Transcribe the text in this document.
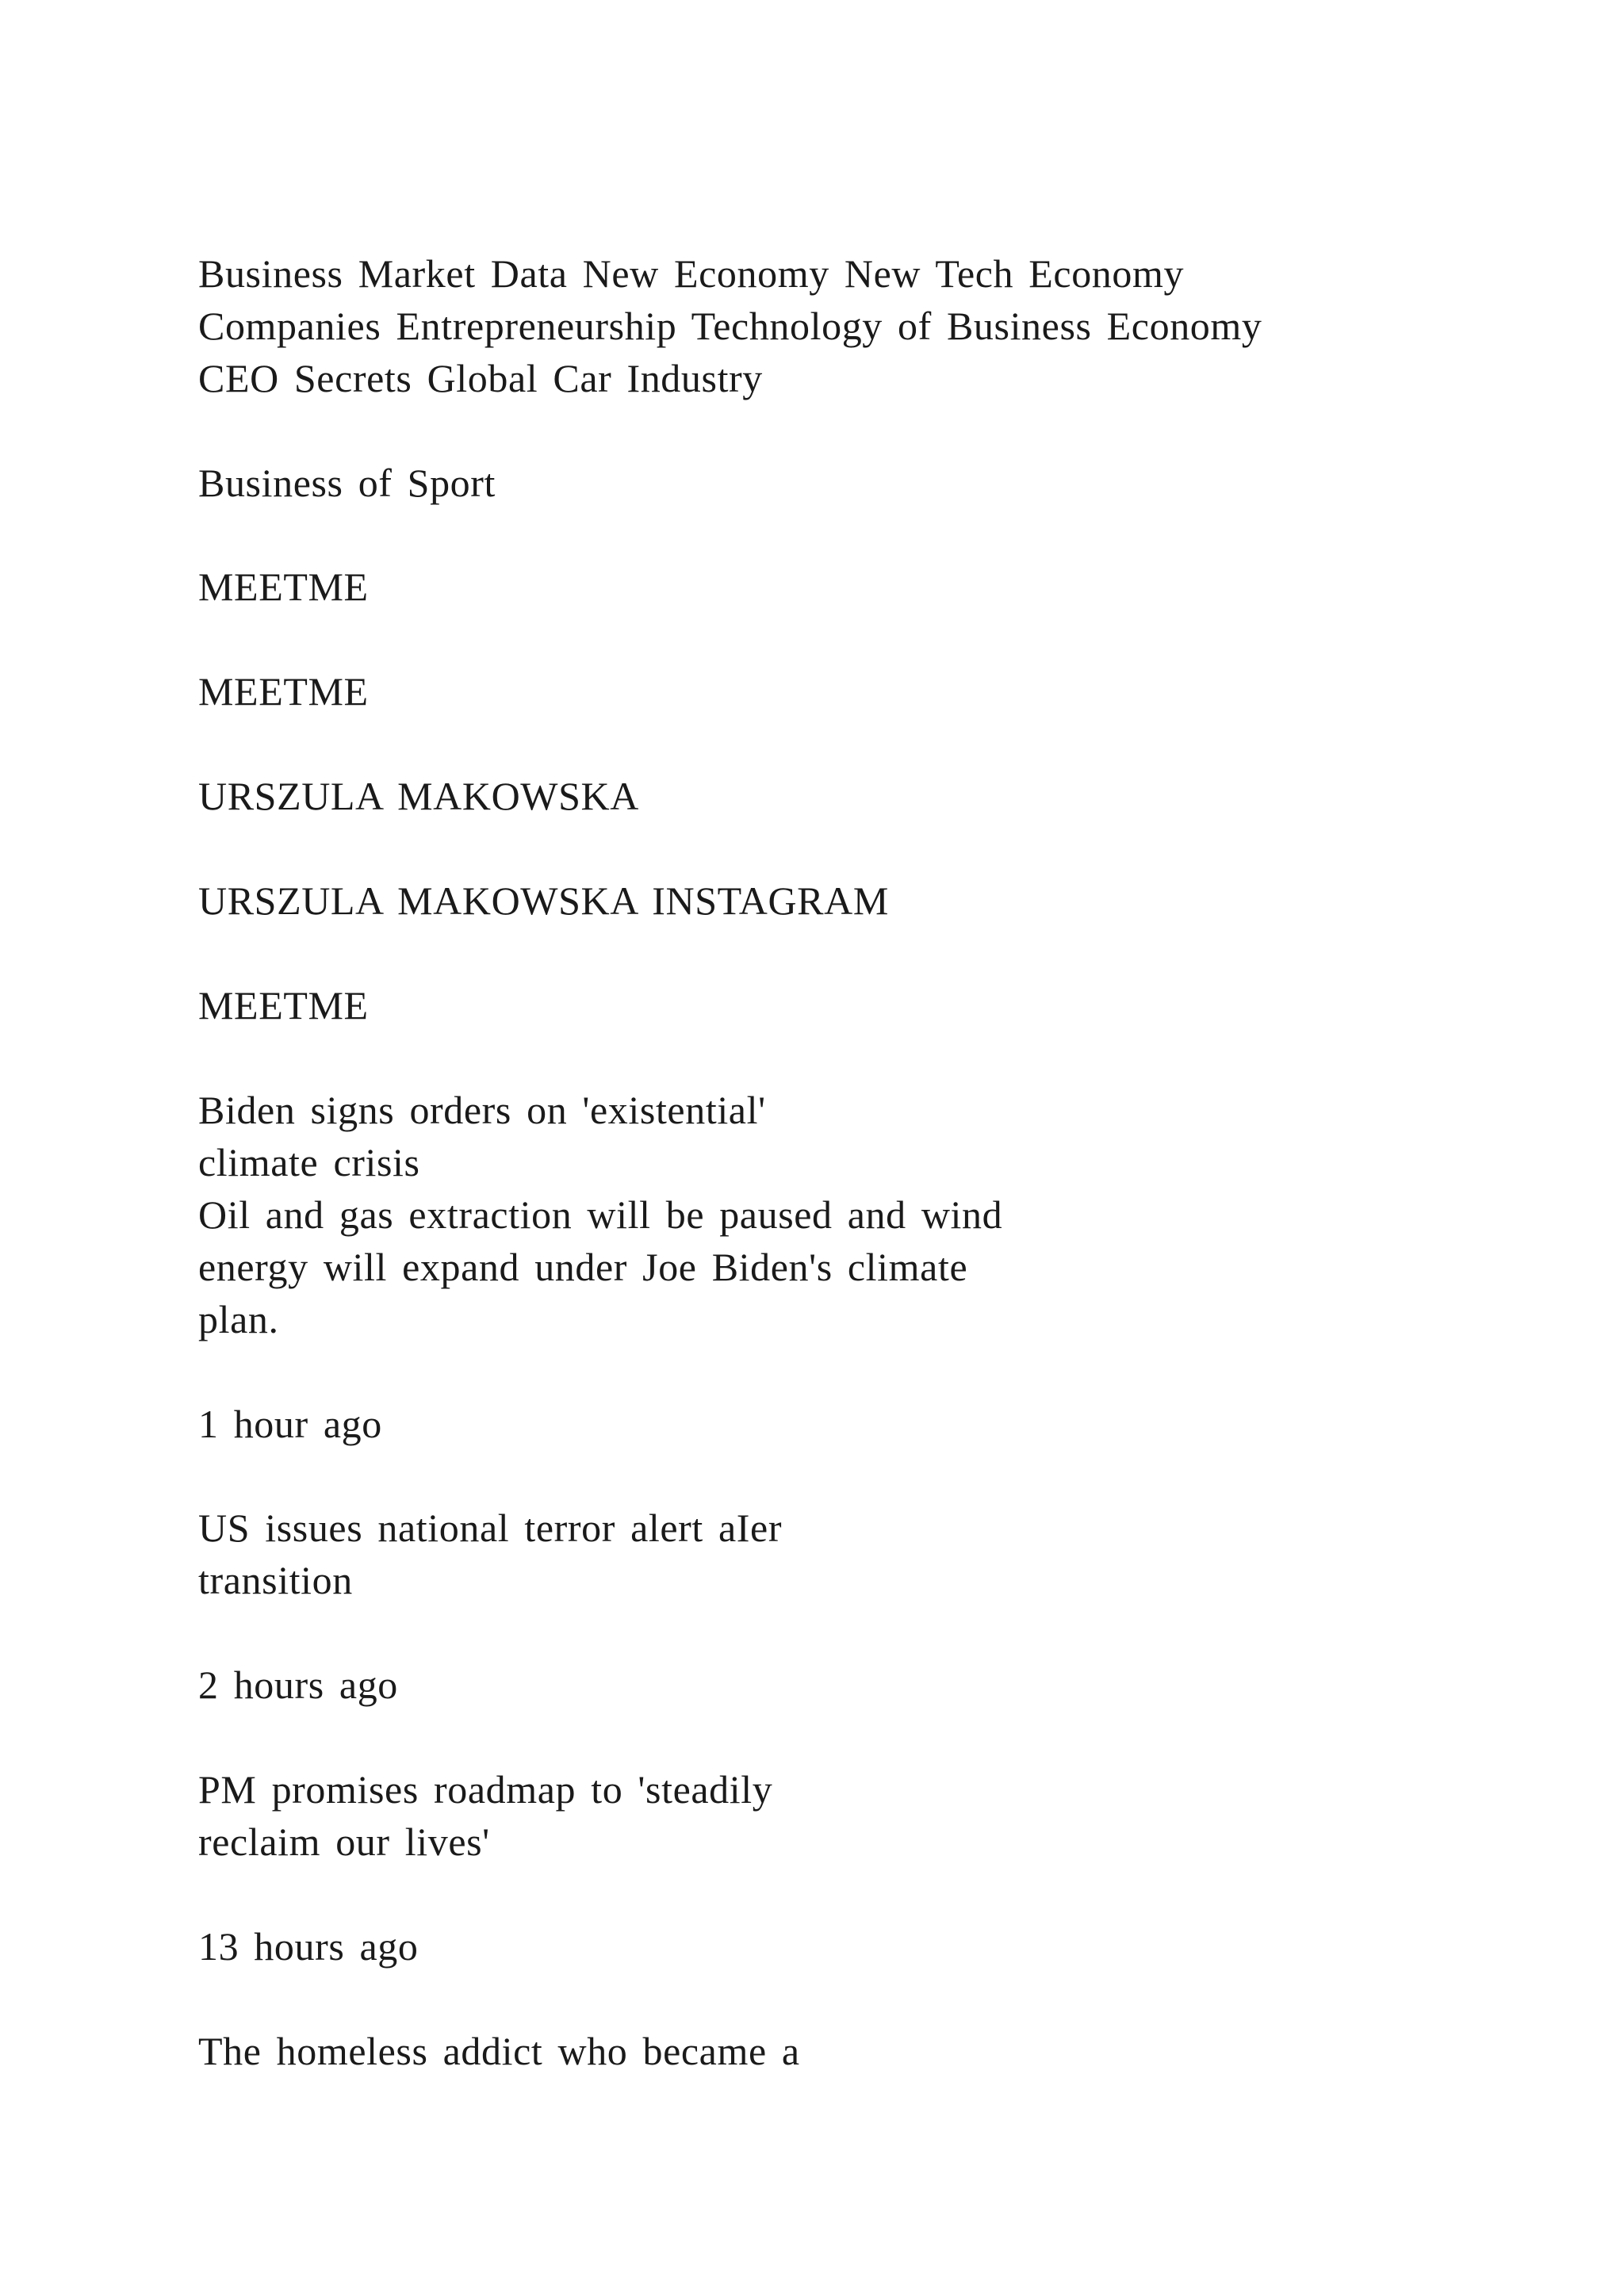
Business Market Data New Economy New Tech Economy

Companies Entrepreneurship Technology of Business Economy

CEO Secrets Global Car Industry

Business of Sport

MEETME

MEETME

URSZULA MAKOWSKA

URSZULA MAKOWSKA INSTAGRAM

MEETME

Biden signs orders on 'existential'

climate crisis

Oil and gas extraction will be paused and wind

energy will expand under Joe Biden's climate

plan.

1 hour ago

US issues national terror alert aIer

transition

2 hours ago

PM promises roadmap to 'steadily

reclaim our lives'

13 hours ago

The homeless addict who became a
